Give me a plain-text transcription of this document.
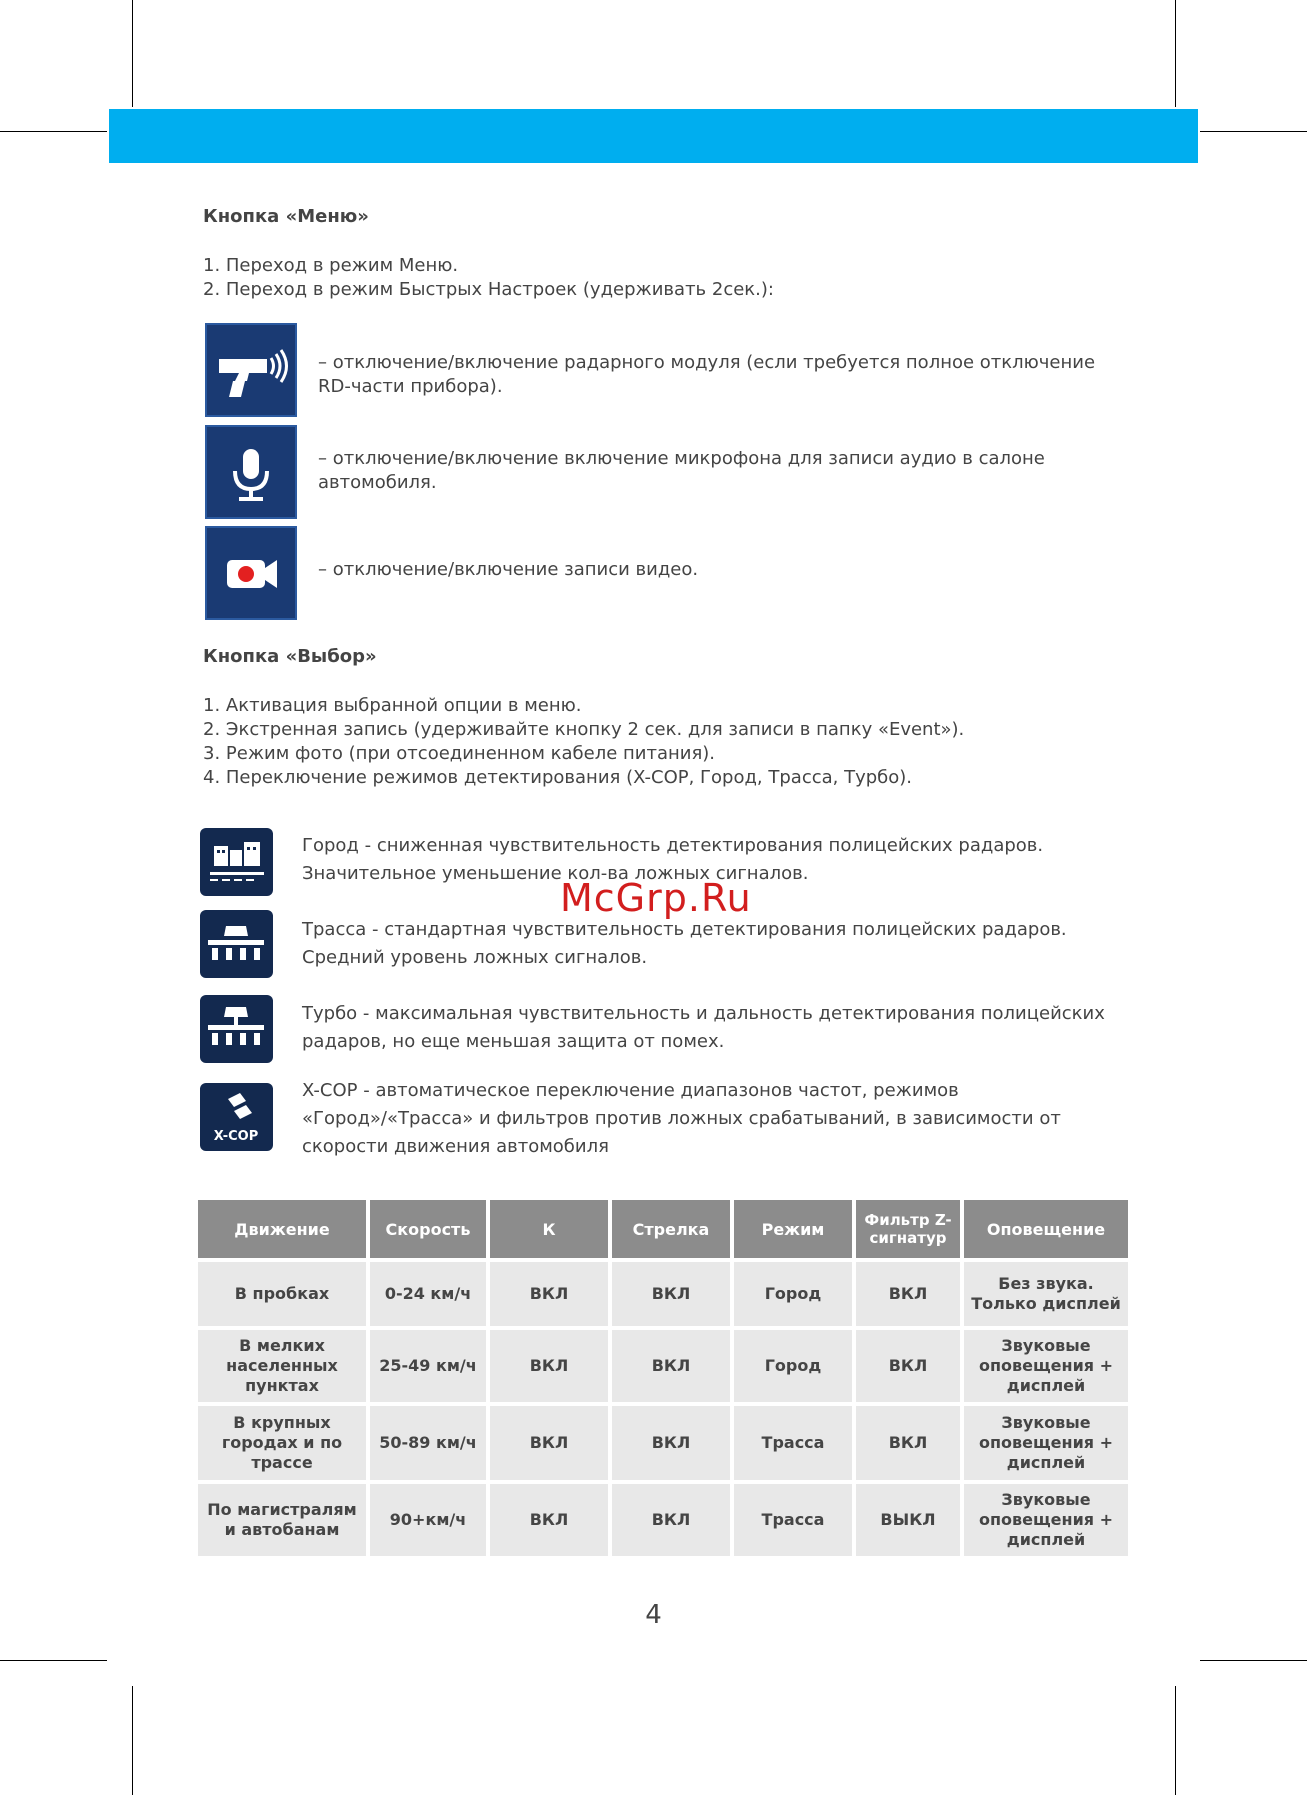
Кнопка «Меню»
1. Переход в режим Меню.
2. Переход в режим Быстрых Настроек (удерживать 2сек.):
– отключение/включение радарного модуля (если требуется полное отключение RD-части прибора).
– отключение/включение включение микрофона для записи аудио в салоне автомобиля.
– отключение/включение записи видео.
Кнопка «Выбор»
1. Активация выбранной опции в меню.
2. Экстренная запись (удерживайте кнопку 2 сек. для записи в папку «Event»).
3. Режим фото (при отсоединенном кабеле питания).
4. Переключение режимов детектирования (X-COP, Город, Трасса, Турбо).
Город - сниженная чувствительность детектирования полицейских радаров. Значительное уменьшение кол-ва ложных сигналов.
Трасса - стандартная чувствительность детектирования полицейских радаров. Средний уровень ложных сигналов.
Турбо - максимальная чувствительность и дальность детектирования полицейских радаров, но еще меньшая защита от помех.
X-COP
X-COP - автоматическое переключение диапазонов частот, режимов «Город»/«Трасса» и фильтров против ложных срабатываний, в зависимости от скорости движения автомобиля
McGrp.Ru
Движение	Скорость	К	Стрелка	Режим	Фильтр Z-сигнатур	Оповещение
В пробках	0-24 км/ч	ВКЛ	ВКЛ	Город	ВКЛ	Без звука. Только дисплей
В мелких населенных пунктах	25-49 км/ч	ВКЛ	ВКЛ	Город	ВКЛ	Звуковые оповещения + дисплей
В крупных городах и по трассе	50-89 км/ч	ВКЛ	ВКЛ	Трасса	ВКЛ	Звуковые оповещения + дисплей
По магистралям и автобанам	90+км/ч	ВКЛ	ВКЛ	Трасса	ВЫКЛ	Звуковые оповещения + дисплей
4
